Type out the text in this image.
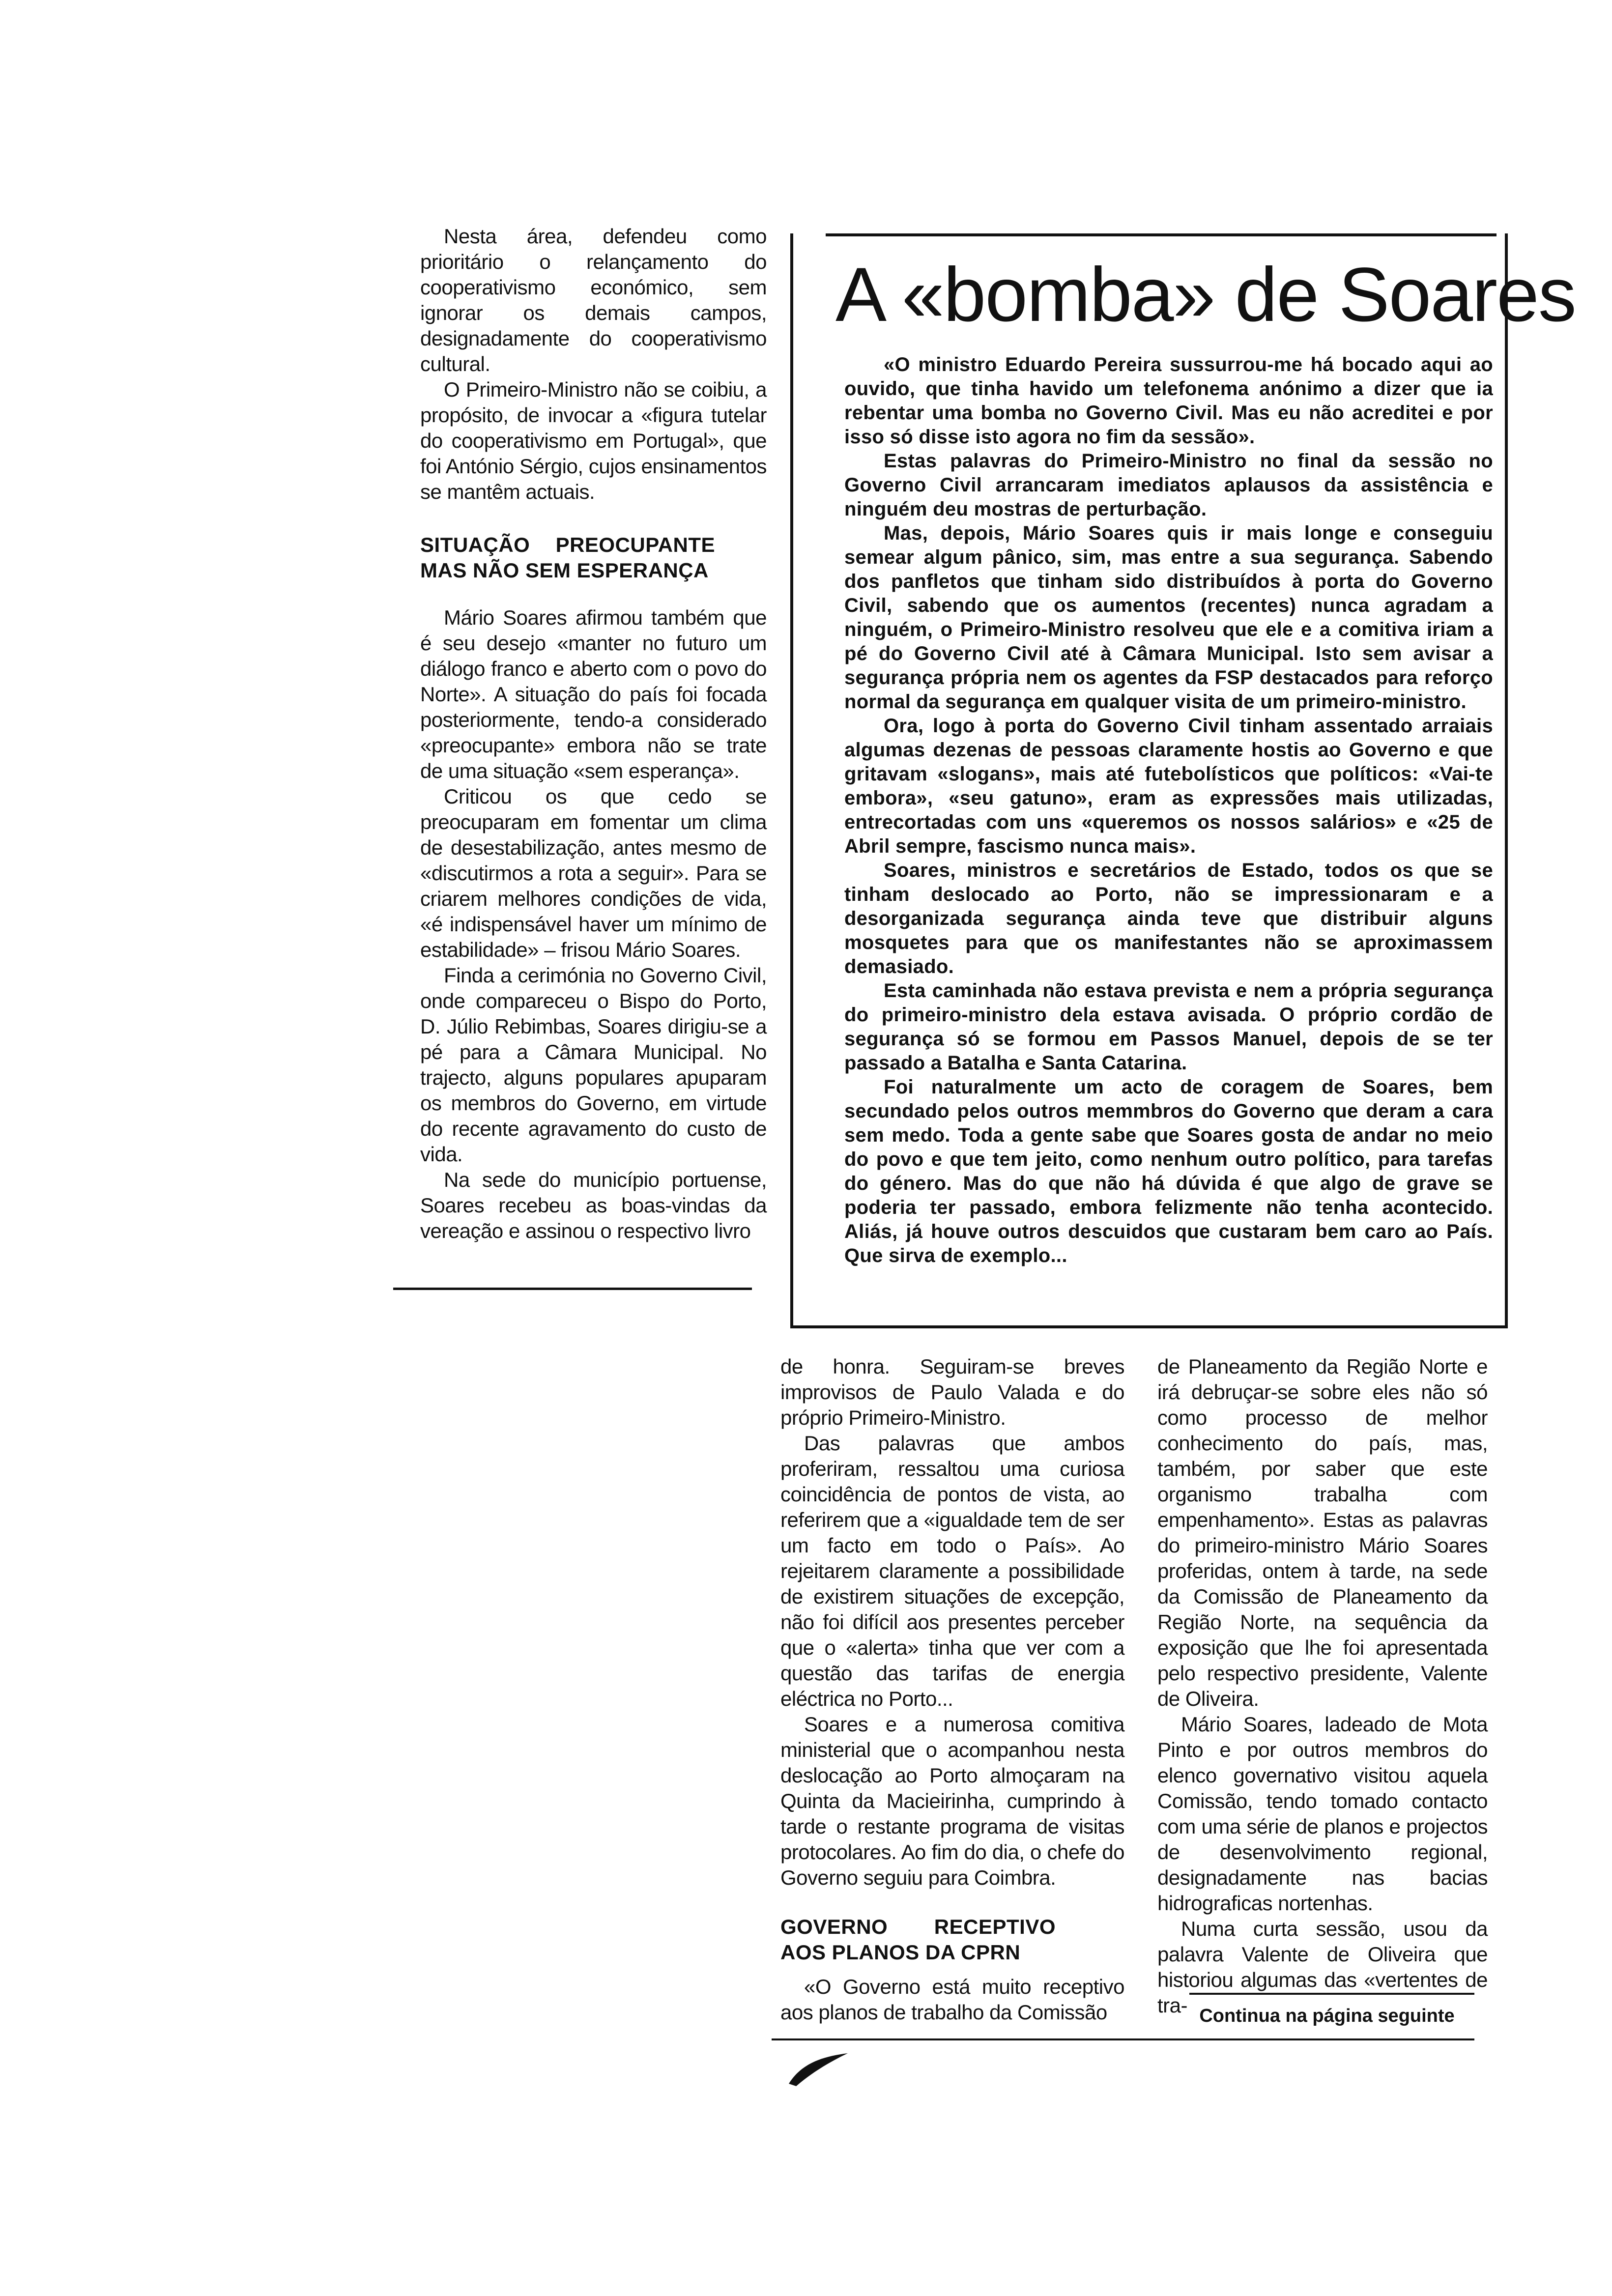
Nesta área, defendeu como prioritário o relançamento do cooperativismo económico, sem ignorar os demais campos, designadamente do cooperativismo cultural.

O Primeiro-Ministro não se coibiu, a propósito, de invocar a «figura tutelar do cooperativismo em Portugal», que foi António Sérgio, cujos ensinamentos se mantêm actuais.

SITUAÇÃO PREOCUPANTE MAS NÃO SEM ESPERANÇA

Mário Soares afirmou também que é seu desejo «manter no futuro um diálogo franco e aberto com o povo do Norte». A situação do país foi focada posteriormente, tendo-a considerado «preocupante» embora não se trate de uma situação «sem esperança».

Criticou os que cedo se preocuparam em fomentar um clima de desestabilização, antes mesmo de «discutirmos a rota a seguir». Para se criarem melhores condições de vida, «é indispensável haver um mínimo de estabilidade» – frisou Mário Soares.

Finda a cerimónia no Governo Civil, onde compareceu o Bispo do Porto, D. Júlio Rebimbas, Soares dirigiu-se a pé para a Câmara Municipal. No trajecto, alguns populares apuparam os membros do Governo, em virtude do recente agravamento do custo de vida.

Na sede do município portuense, Soares recebeu as boas-vindas da vereação e assinou o respectivo livro

A «bomba» de Soares

«O ministro Eduardo Pereira sussurrou-me há bocado aqui ao ouvido, que tinha havido um telefonema anónimo a dizer que ia rebentar uma bomba no Governo Civil. Mas eu não acreditei e por isso só disse isto agora no fim da sessão».

Estas palavras do Primeiro-Ministro no final da sessão no Governo Civil arrancaram imediatos aplausos da assistência e ninguém deu mostras de perturbação.

Mas, depois, Mário Soares quis ir mais longe e conseguiu semear algum pânico, sim, mas entre a sua segurança. Sabendo dos panfletos que tinham sido distribuídos à porta do Governo Civil, sabendo que os aumentos (recentes) nunca agradam a ninguém, o Primeiro-Ministro resolveu que ele e a comitiva iriam a pé do Governo Civil até à Câmara Municipal. Isto sem avisar a segurança própria nem os agentes da FSP destacados para reforço normal da segurança em qualquer visita de um primeiro-ministro.

Ora, logo à porta do Governo Civil tinham assentado arraiais algumas dezenas de pessoas claramente hostis ao Governo e que gritavam «slogans», mais até futebolísticos que políticos: «Vai-te embora», «seu gatuno», eram as expressões mais utilizadas, entrecortadas com uns «queremos os nossos salários» e «25 de Abril sempre, fascismo nunca mais».

Soares, ministros e secretários de Estado, todos os que se tinham deslocado ao Porto, não se impressionaram e a desorganizada segurança ainda teve que distribuir alguns mosquetes para que os manifestantes não se aproximassem demasiado.

Esta caminhada não estava prevista e nem a própria segurança do primeiro-ministro dela estava avisada. O próprio cordão de segurança só se formou em Passos Manuel, depois de se ter passado a Batalha e Santa Catarina.

Foi naturalmente um acto de coragem de Soares, bem secundado pelos outros memmbros do Governo que deram a cara sem medo. Toda a gente sabe que Soares gosta de andar no meio do povo e que tem jeito, como nenhum outro político, para tarefas do género. Mas do que não há dúvida é que algo de grave se poderia ter passado, embora felizmente não tenha acontecido. Aliás, já houve outros descuidos que custaram bem caro ao País. Que sirva de exemplo...

de honra. Seguiram-se breves improvisos de Paulo Valada e do próprio Primeiro-Ministro.

Das palavras que ambos proferiram, ressaltou uma curiosa coincidência de pontos de vista, ao referirem que a «igualdade tem de ser um facto em todo o País». Ao rejeitarem claramente a possibilidade de existirem situações de excepção, não foi difícil aos presentes perceber que o «alerta» tinha que ver com a questão das tarifas de energia eléctrica no Porto...

Soares e a numerosa comitiva ministerial que o acompanhou nesta deslocação ao Porto almoçaram na Quinta da Macieirinha, cumprindo à tarde o restante programa de visitas protocolares. Ao fim do dia, o chefe do Governo seguiu para Coimbra.

GOVERNO RECEPTIVO AOS PLANOS DA CPRN

«O Governo está muito receptivo aos planos de trabalho da Comissão

de Planeamento da Região Norte e irá debruçar-se sobre eles não só como processo de melhor conhecimento do país, mas, também, por saber que este organismo trabalha com empenhamento». Estas as palavras do primeiro-ministro Mário Soares proferidas, ontem à tarde, na sede da Comissão de Planeamento da Região Norte, na sequência da exposição que lhe foi apresentada pelo respectivo presidente, Valente de Oliveira.

Mário Soares, ladeado de Mota Pinto e por outros membros do elenco governativo visitou aquela Comissão, tendo tomado contacto com uma série de planos e projectos de desenvolvimento regional, designadamente nas bacias hidrograficas nortenhas.

Numa curta sessão, usou da palavra Valente de Oliveira que historiou algumas das «vertentes de tra- Continua na página seguinte
